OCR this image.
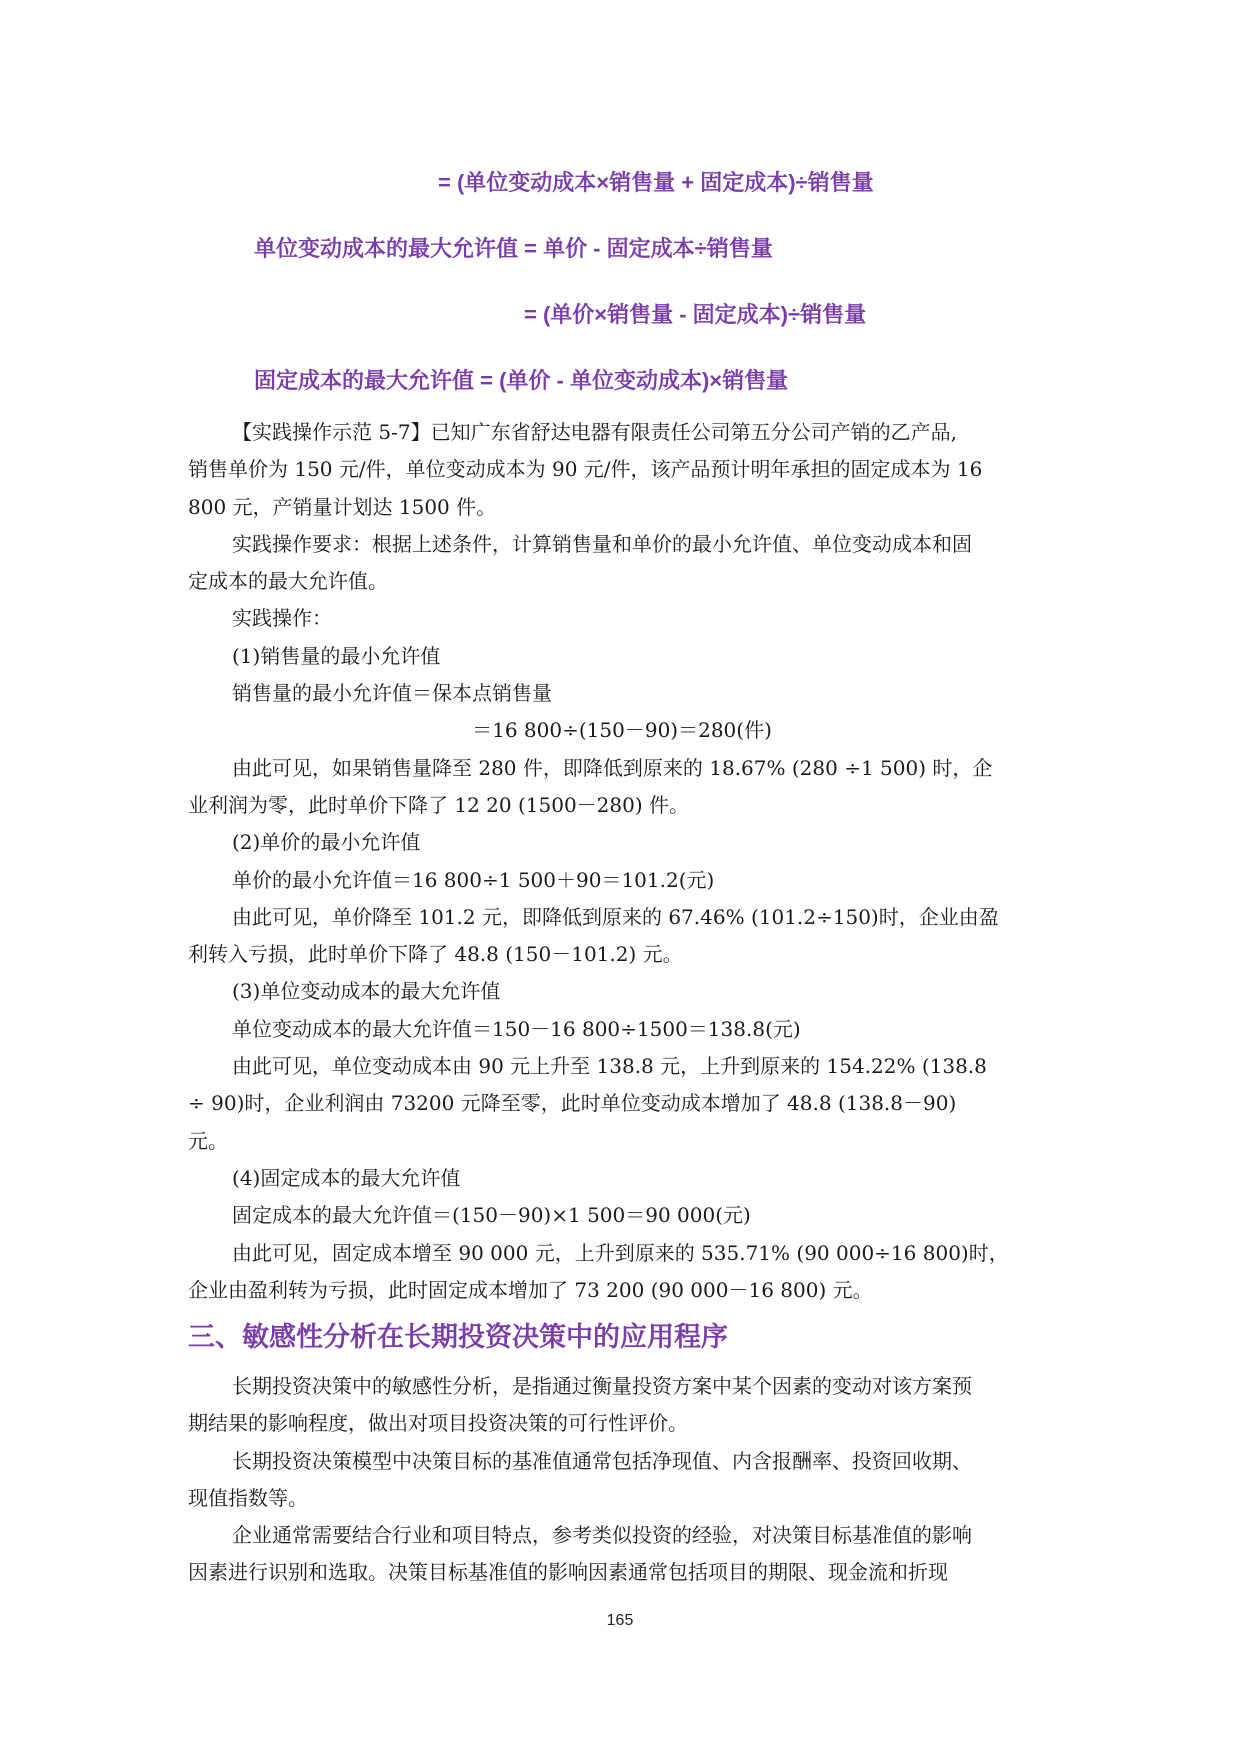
= (单位变动成本×销售量 + 固定成本)÷销售量
单位变动成本的最大允许值 = 单价 - 固定成本÷销售量
= (单价×销售量 - 固定成本)÷销售量
固定成本的最大允许值 = (单价 - 单位变动成本)×销售量
【实践操作示范 5-7】已知广东省舒达电器有限责任公司第五分公司产销的乙产品,
销售单价为 150 元/件，单位变动成本为 90 元/件，该产品预计明年承担的固定成本为 16
800 元，产销量计划达 1500 件。
实践操作要求：根据上述条件，计算销售量和单价的最小允许值、单位变动成本和固
定成本的最大允许值。
实践操作：
(1)销售量的最小允许值
销售量的最小允许值＝保本点销售量
＝16 800÷(150－90)＝280(件)
由此可见，如果销售量降至 280 件，即降低到原来的 18.67% (280 ÷1 500) 时，企
业利润为零，此时单价下降了 12 20 (1500－280) 件。
(2)单价的最小允许值
单价的最小允许值＝16 800÷1 500＋90＝101.2(元)
由此可见，单价降至 101.2 元，即降低到原来的 67.46% (101.2÷150)时，企业由盈
利转入亏损，此时单价下降了 48.8 (150－101.2) 元。
(3)单位变动成本的最大允许值
单位变动成本的最大允许值＝150－16 800÷1500＝138.8(元)
由此可见，单位变动成本由 90 元上升至 138.8 元，上升到原来的 154.22% (138.8
÷ 90)时，企业利润由 73200 元降至零，此时单位变动成本增加了 48.8 (138.8－90)
元。
(4)固定成本的最大允许值
固定成本的最大允许值＝(150－90)×1 500＝90 000(元)
由此可见，固定成本增至 90 000 元，上升到原来的 535.71% (90 000÷16 800)时，
企业由盈利转为亏损，此时固定成本增加了 73 200 (90 000－16 800) 元。
三、敏感性分析在长期投资决策中的应用程序
长期投资决策中的敏感性分析，是指通过衡量投资方案中某个因素的变动对该方案预
期结果的影响程度，做出对项目投资决策的可行性评价。
长期投资决策模型中决策目标的基准值通常包括净现值、内含报酬率、投资回收期、
现值指数等。
企业通常需要结合行业和项目特点，参考类似投资的经验，对决策目标基准值的影响
因素进行识别和选取。决策目标基准值的影响因素通常包括项目的期限、现金流和折现
165
